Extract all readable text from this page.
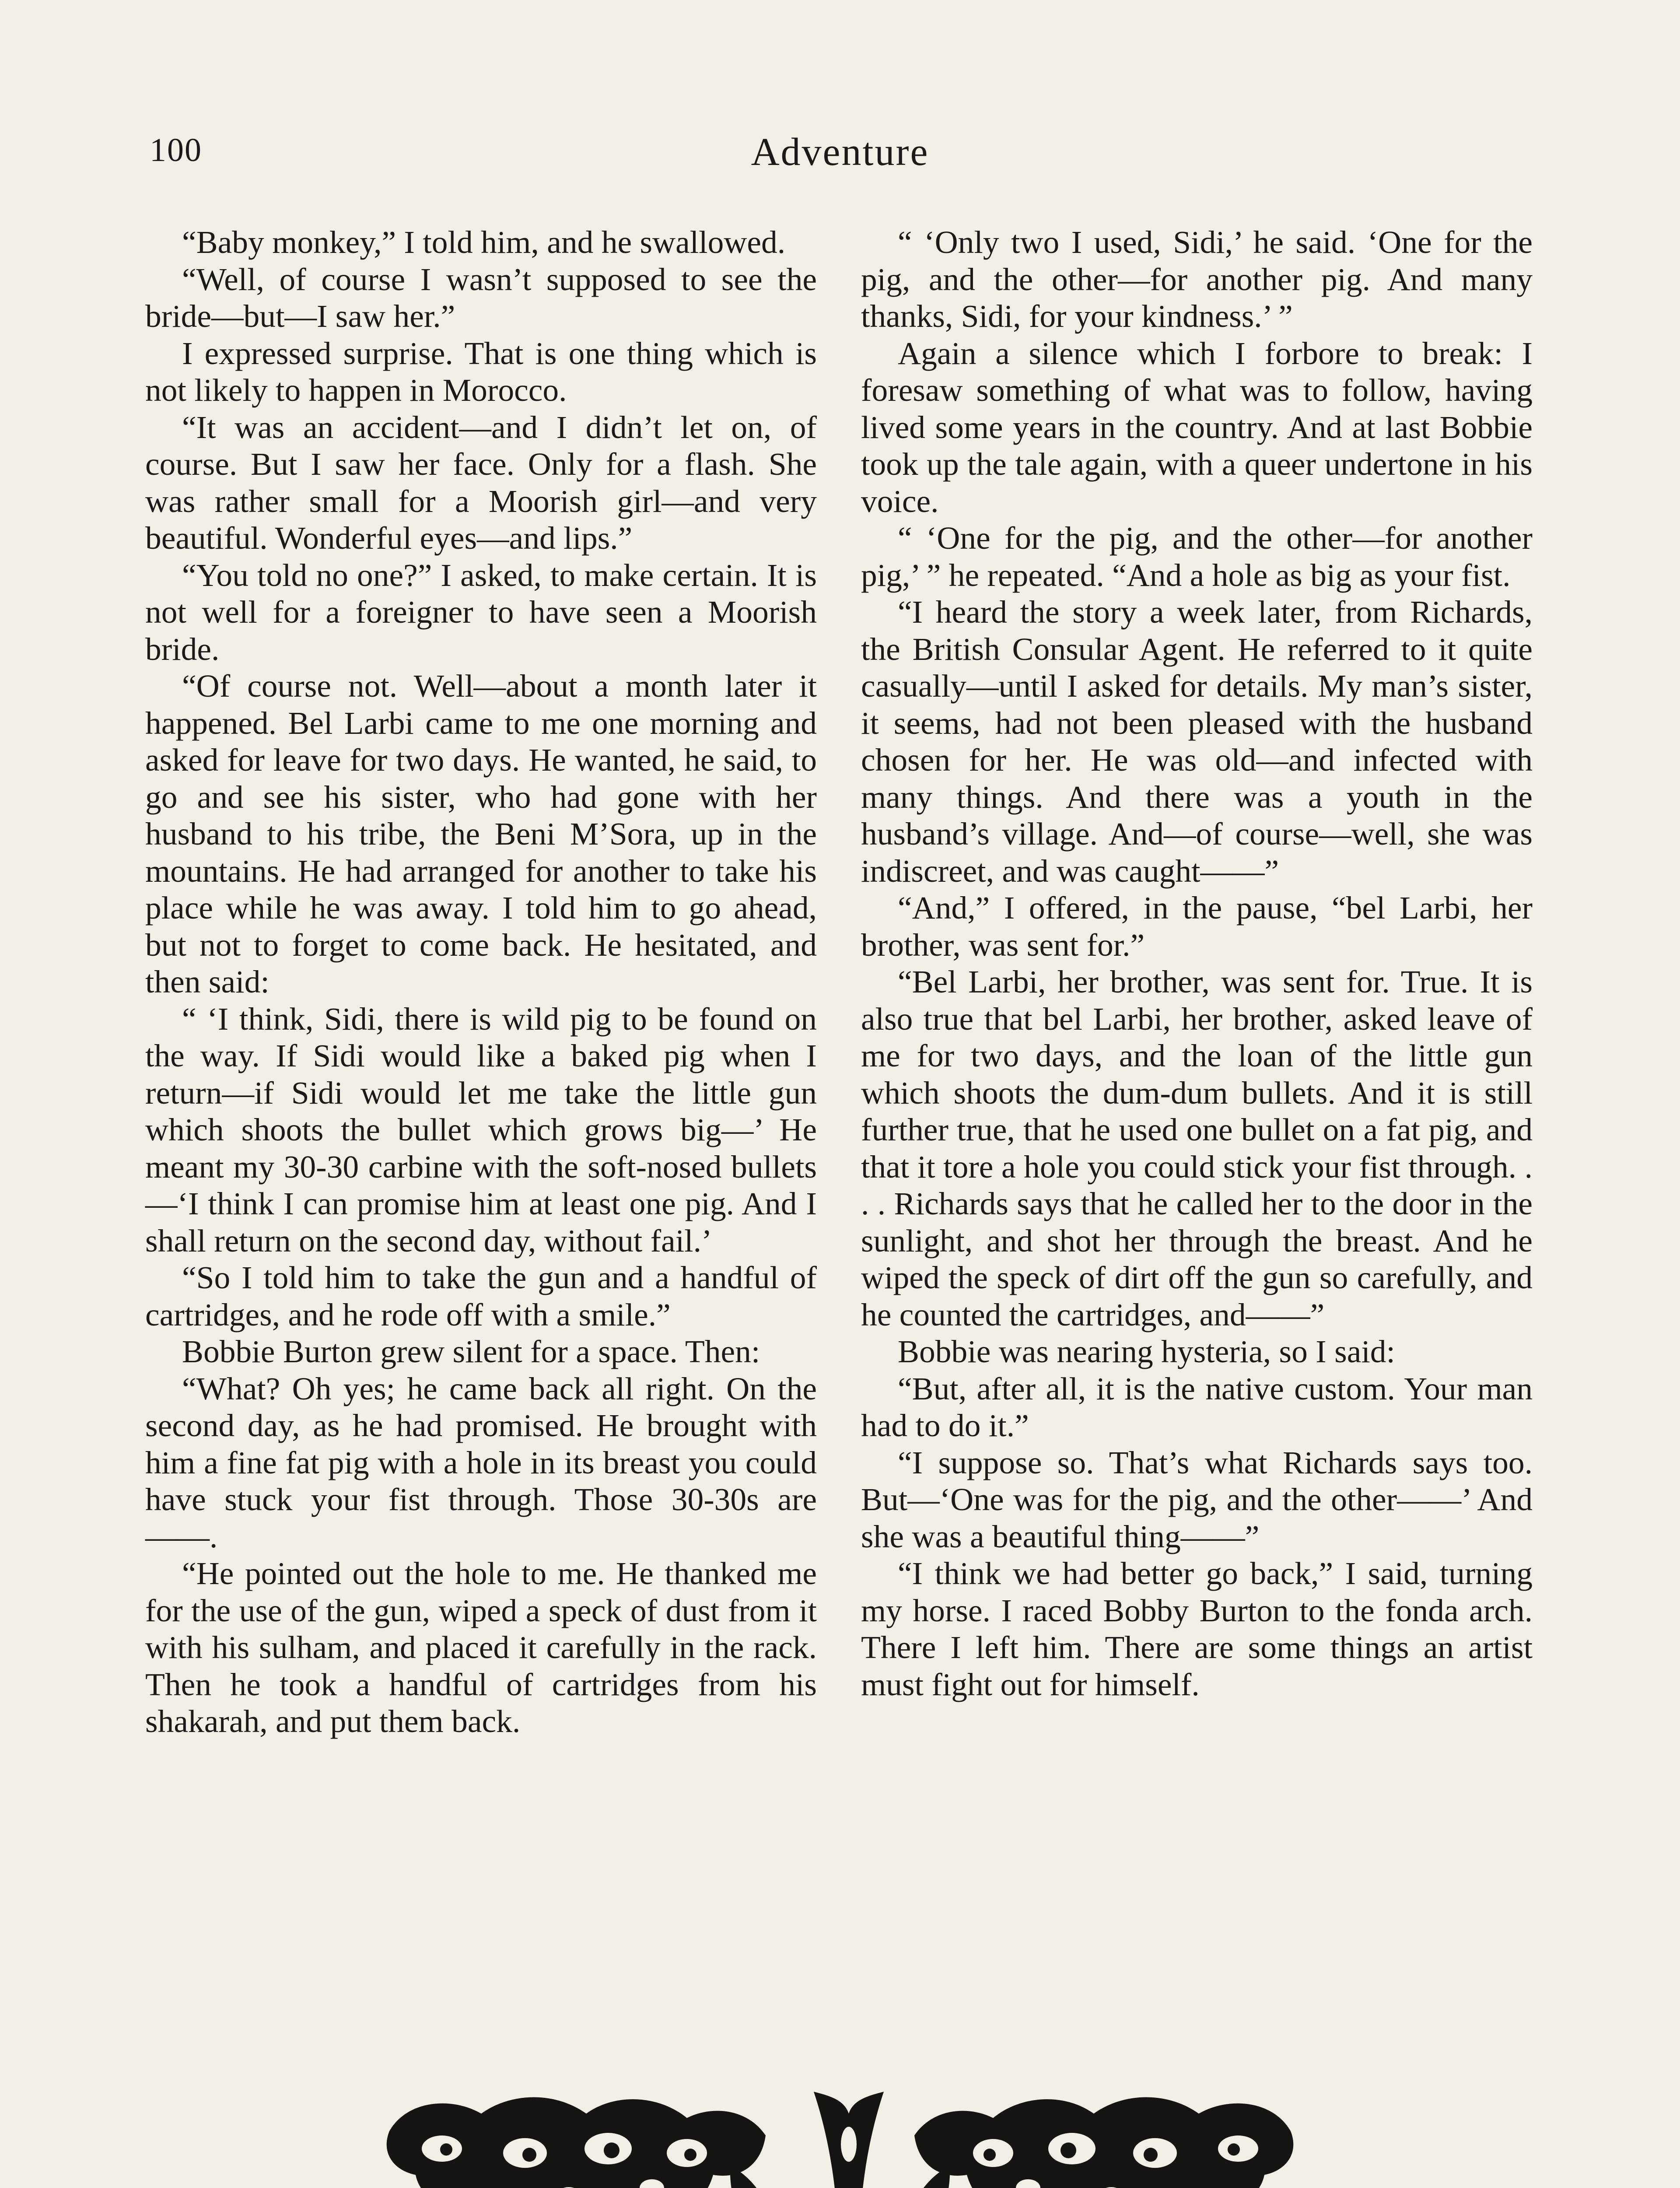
100	Adventure

“Baby monkey,” I told him, and he swallowed.

“Well, of course I wasn’t supposed to see the bride—but—I saw her.”

I expressed surprise. That is one thing which is not likely to happen in Morocco.

“It was an accident—and I didn’t let on, of course. But I saw her face. Only for a flash. She was rather small for a Moorish girl—and very beautiful. Wonderful eyes—and lips.”

“You told no one?” I asked, to make certain. It is not well for a foreigner to have seen a Moorish bride.

“Of course not. Well—about a month later it happened. Bel Larbi came to me one morning and asked for leave for two days. He wanted, he said, to go and see his sister, who had gone with her husband to his tribe, the Beni M’Sora, up in the mountains. He had arranged for another to take his place while he was away. I told him to go ahead, but not to forget to come back. He hesitated, and then said:

“ ‘I think, Sidi, there is wild pig to be found on the way. If Sidi would like a baked pig when I return—if Sidi would let me take the little gun which shoots the bullet which grows big—’ He meant my 30-30 carbine with the soft-nosed bullets—‘I think I can promise him at least one pig. And I shall return on the second day, without fail.’

“So I told him to take the gun and a handful of cartridges, and he rode off with a smile.”

Bobbie Burton grew silent for a space. Then:

“What? Oh yes; he came back all right. On the second day, as he had promised. He brought with him a fine fat pig with a hole in its breast you could have stuck your fist through. Those 30-30s are ——.

“He pointed out the hole to me. He thanked me for the use of the gun, wiped a speck of dust from it with his sulham, and placed it carefully in the rack. Then he took a handful of cartridges from his shakarah, and put them back.

“ ‘Only two I used, Sidi,’ he said. ‘One for the pig, and the other—for another pig. And many thanks, Sidi, for your kindness.’ ”

Again a silence which I forbore to break: I foresaw something of what was to follow, having lived some years in the country. And at last Bobbie took up the tale again, with a queer undertone in his voice.

“ ‘One for the pig, and the other—for another pig,’ ” he repeated. “And a hole as big as your fist.

“I heard the story a week later, from Richards, the British Consular Agent. He referred to it quite casually—until I asked for details. My man’s sister, it seems, had not been pleased with the husband chosen for her. He was old—and infected with many things. And there was a youth in the husband’s village. And—of course—well, she was indiscreet, and was caught——”

“And,” I offered, in the pause, “bel Larbi, her brother, was sent for.”

“Bel Larbi, her brother, was sent for. True. It is also true that bel Larbi, her brother, asked leave of me for two days, and the loan of the little gun which shoots the dum-dum bullets. And it is still further true, that he used one bullet on a fat pig, and that it tore a hole you could stick your fist through. . . . Richards says that he called her to the door in the sunlight, and shot her through the breast. And he wiped the speck of dirt off the gun so carefully, and he counted the cartridges, and——”

Bobbie was nearing hysteria, so I said:

“But, after all, it is the native custom. Your man had to do it.”

“I suppose so. That’s what Richards says too. But—‘One was for the pig, and the other——’ And she was a beautiful thing——”

“I think we had better go back,” I said, turning my horse. I raced Bobby Burton to the fonda arch. There I left him. There are some things an artist must fight out for himself.
